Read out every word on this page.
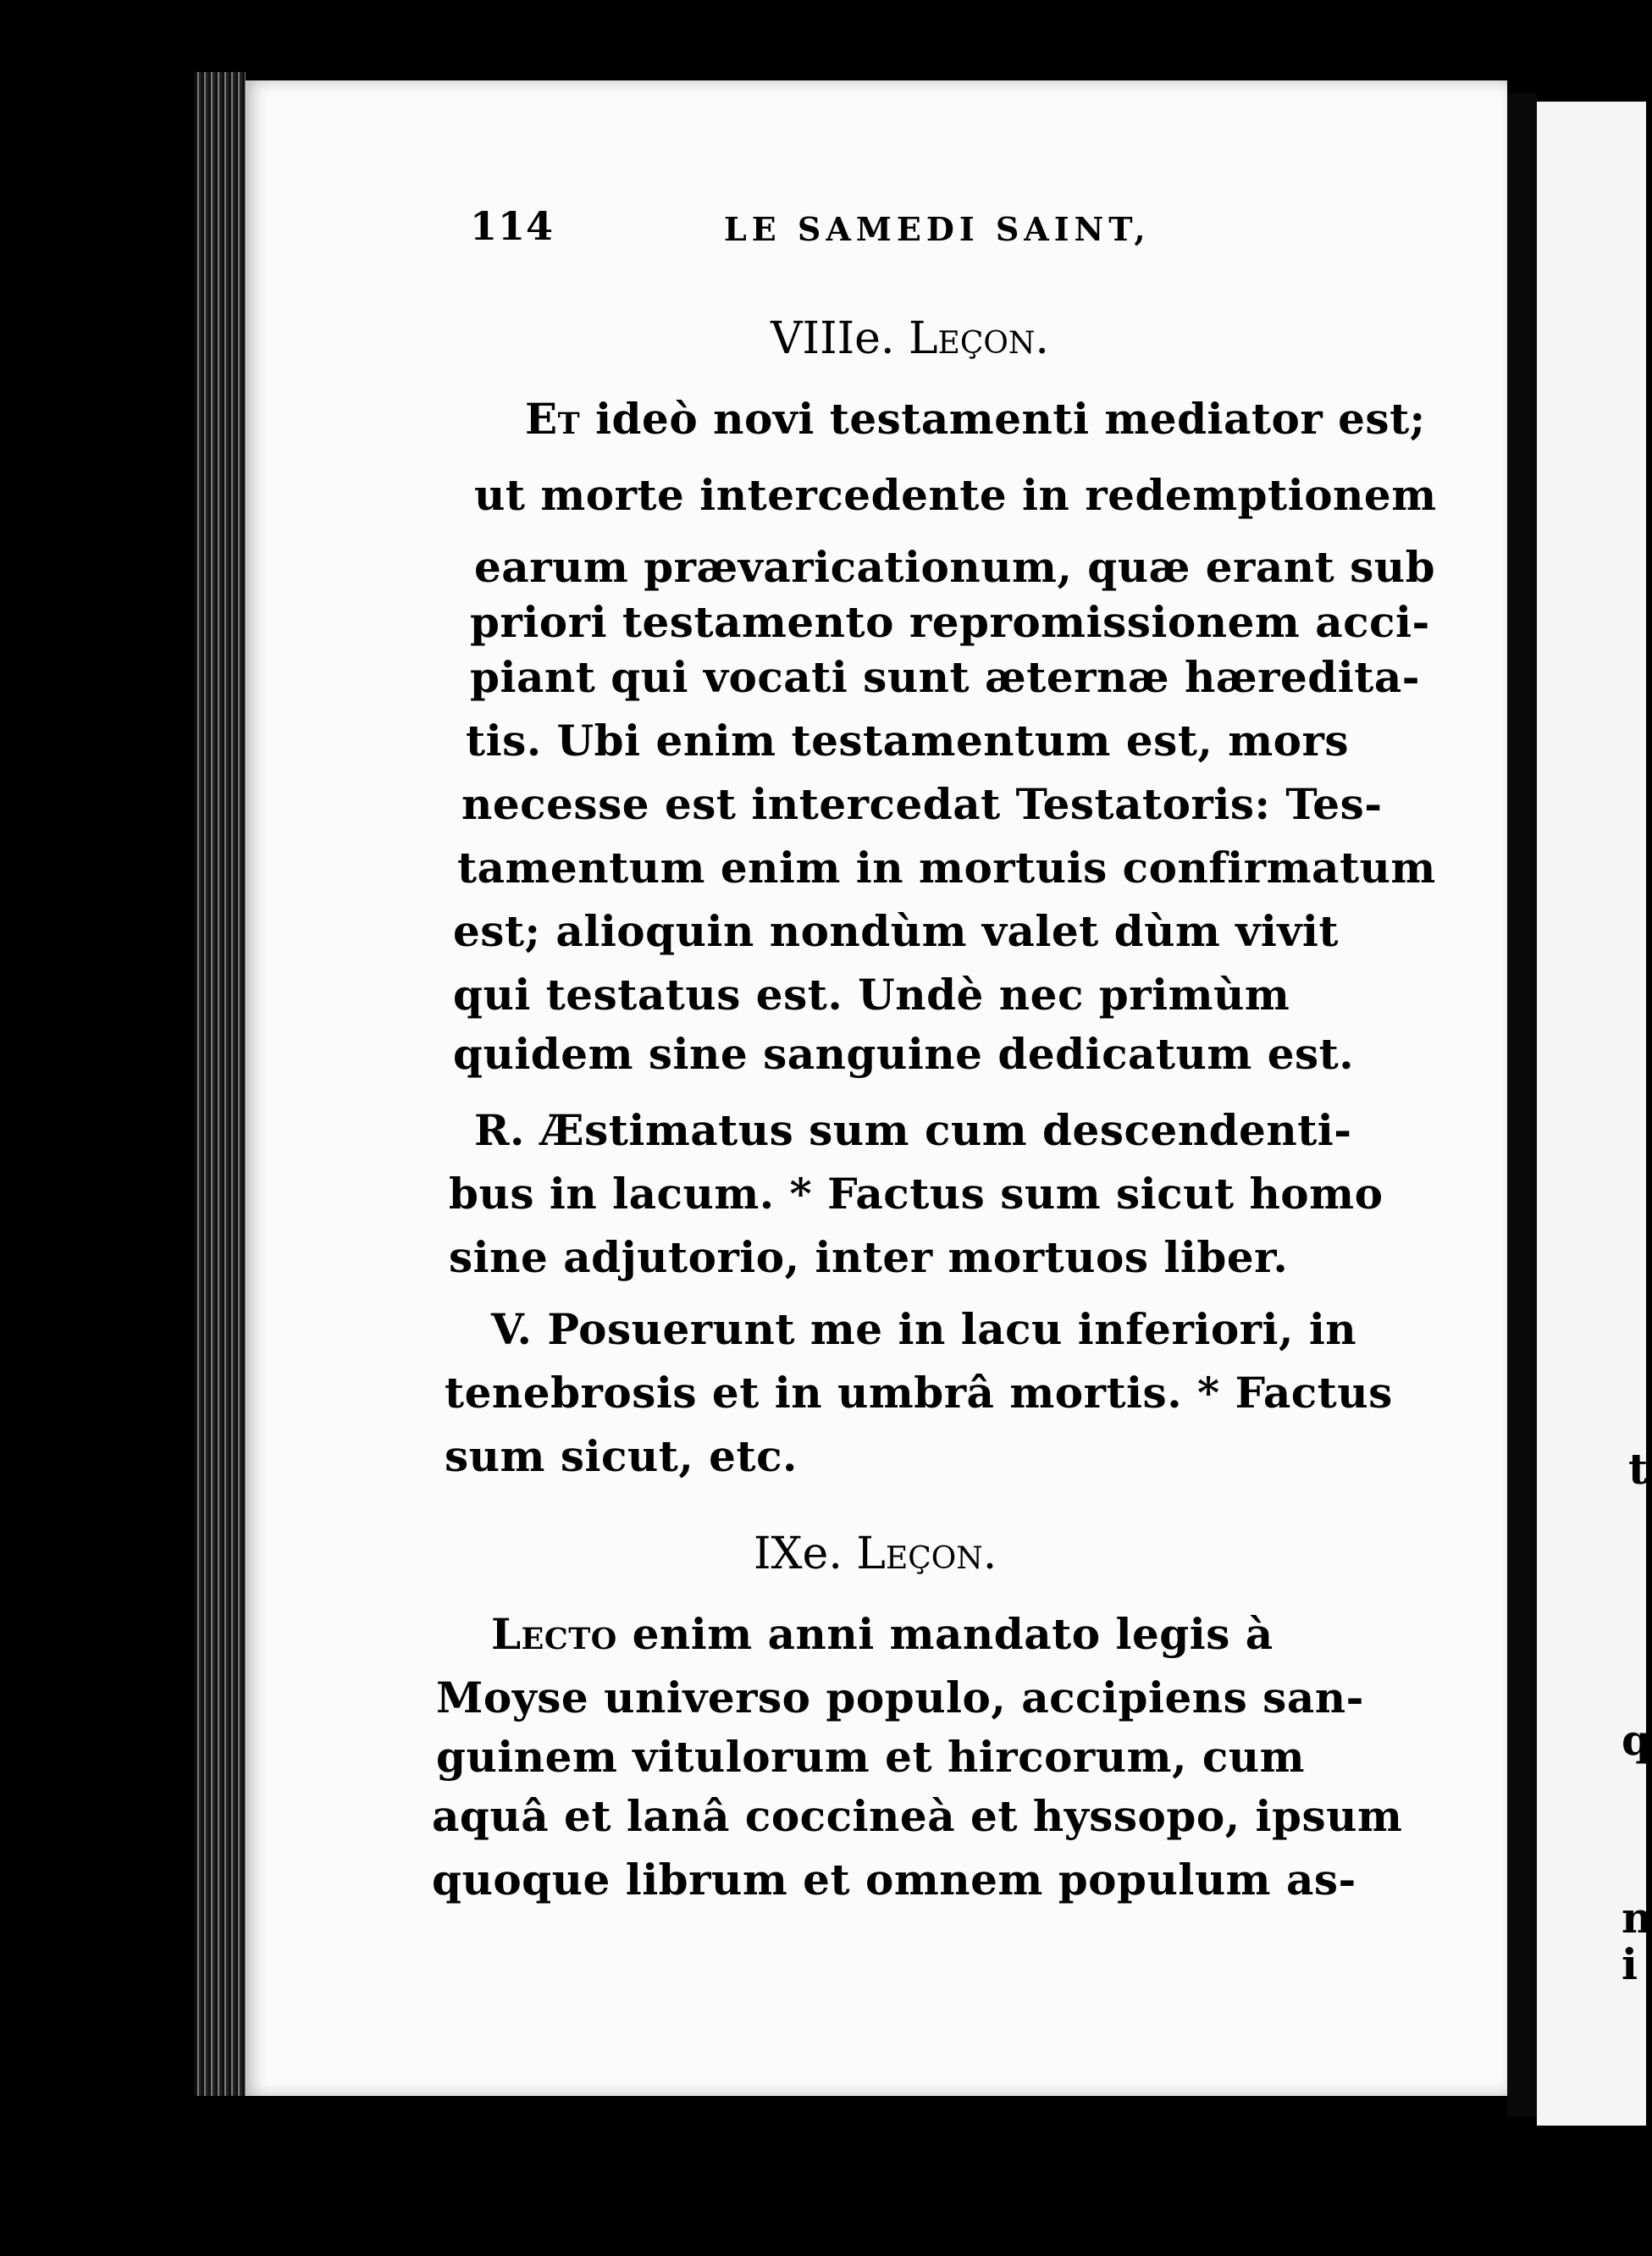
t
q
n
i
114	LE SAMEDI SAINT,
VIIIe. Leçon.
Et ideò novi testamenti mediator est;
ut morte intercedente in redemptionem
earum prævaricationum, quæ erant sub
priori testamento repromissionem acci-
piant qui vocati sunt æternæ hæredita-
tis. Ubi enim testamentum est, mors
necesse est intercedat Testatoris: Tes-
tamentum enim in mortuis confirmatum
est; alioquin nondùm valet dùm vivit
qui testatus est. Undè nec primùm
quidem sine sanguine dedicatum est.
R. Æstimatus sum cum descendenti-
bus in lacum. * Factus sum sicut homo
sine adjutorio, inter mortuos liber.
V. Posuerunt me in lacu inferiori, in
tenebrosis et in umbrâ mortis. * Factus
sum sicut, etc.
IXe. Leçon.
Lecto enim anni mandato legis à
Moyse universo populo, accipiens san-
guinem vitulorum et hircorum, cum
aquâ et lanâ coccineà et hyssopo, ipsum
quoque librum et omnem populum as-
